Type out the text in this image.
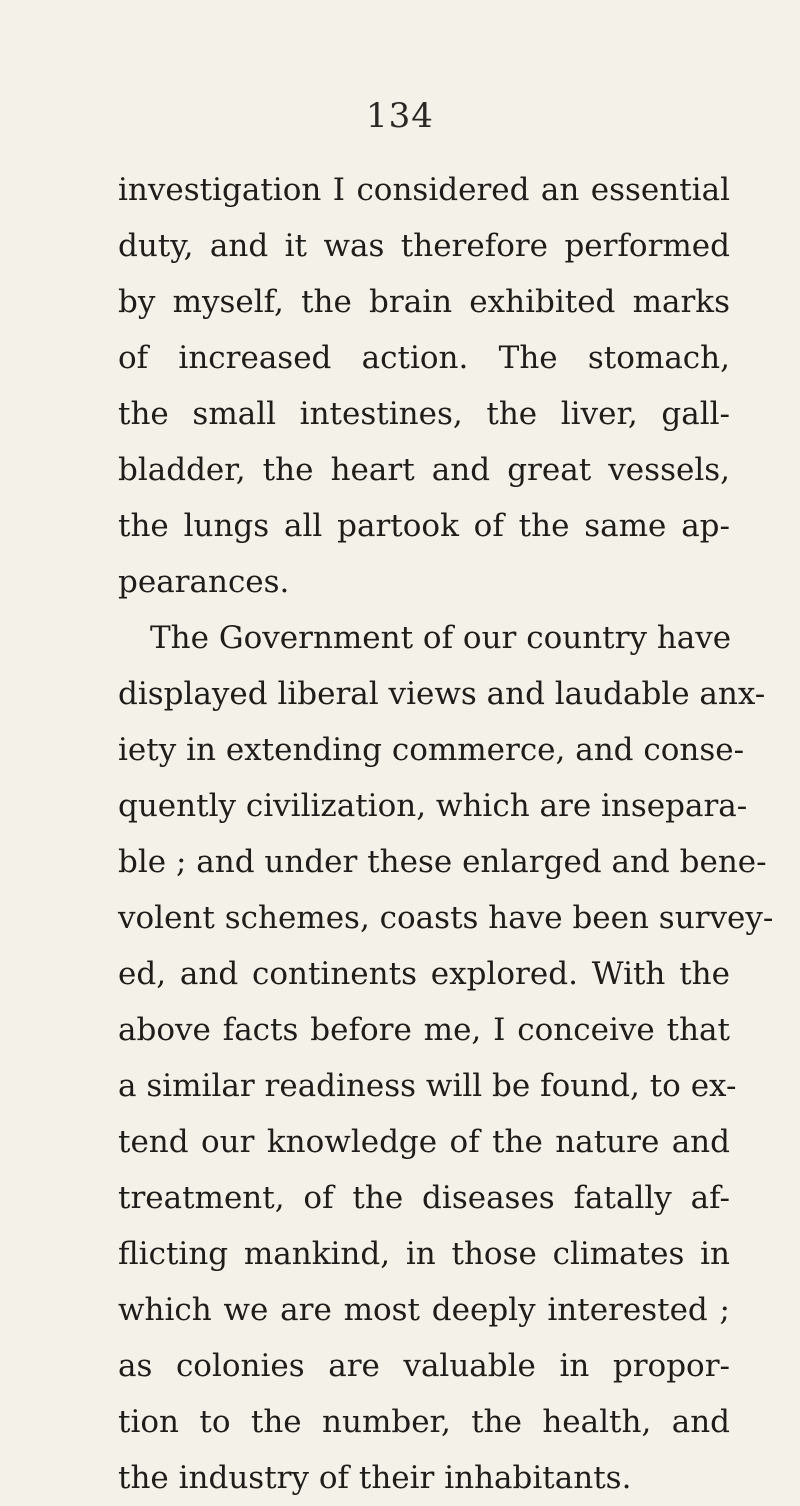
134
investigation I considered an essential
duty, and it was therefore performed
by myself, the brain exhibited marks
of increased action. The stomach,
the small intestines, the liver, gall-
bladder, the heart and great vessels,
the lungs all partook of the same ap-
pearances.
The Government of our country have
displayed liberal views and laudable anx-
iety in extending commerce, and conse-
quently civilization, which are insepara-
ble ; and under these enlarged and bene-
volent schemes, coasts have been survey-
ed, and continents explored. With the
above facts before me, I conceive that
a similar readiness will be found, to ex-
tend our knowledge of the nature and
treatment, of the diseases fatally af-
flicting mankind, in those climates in
which we are most deeply interested ;
as colonies are valuable in propor-
tion to the number, the health, and
the industry of their inhabitants.
